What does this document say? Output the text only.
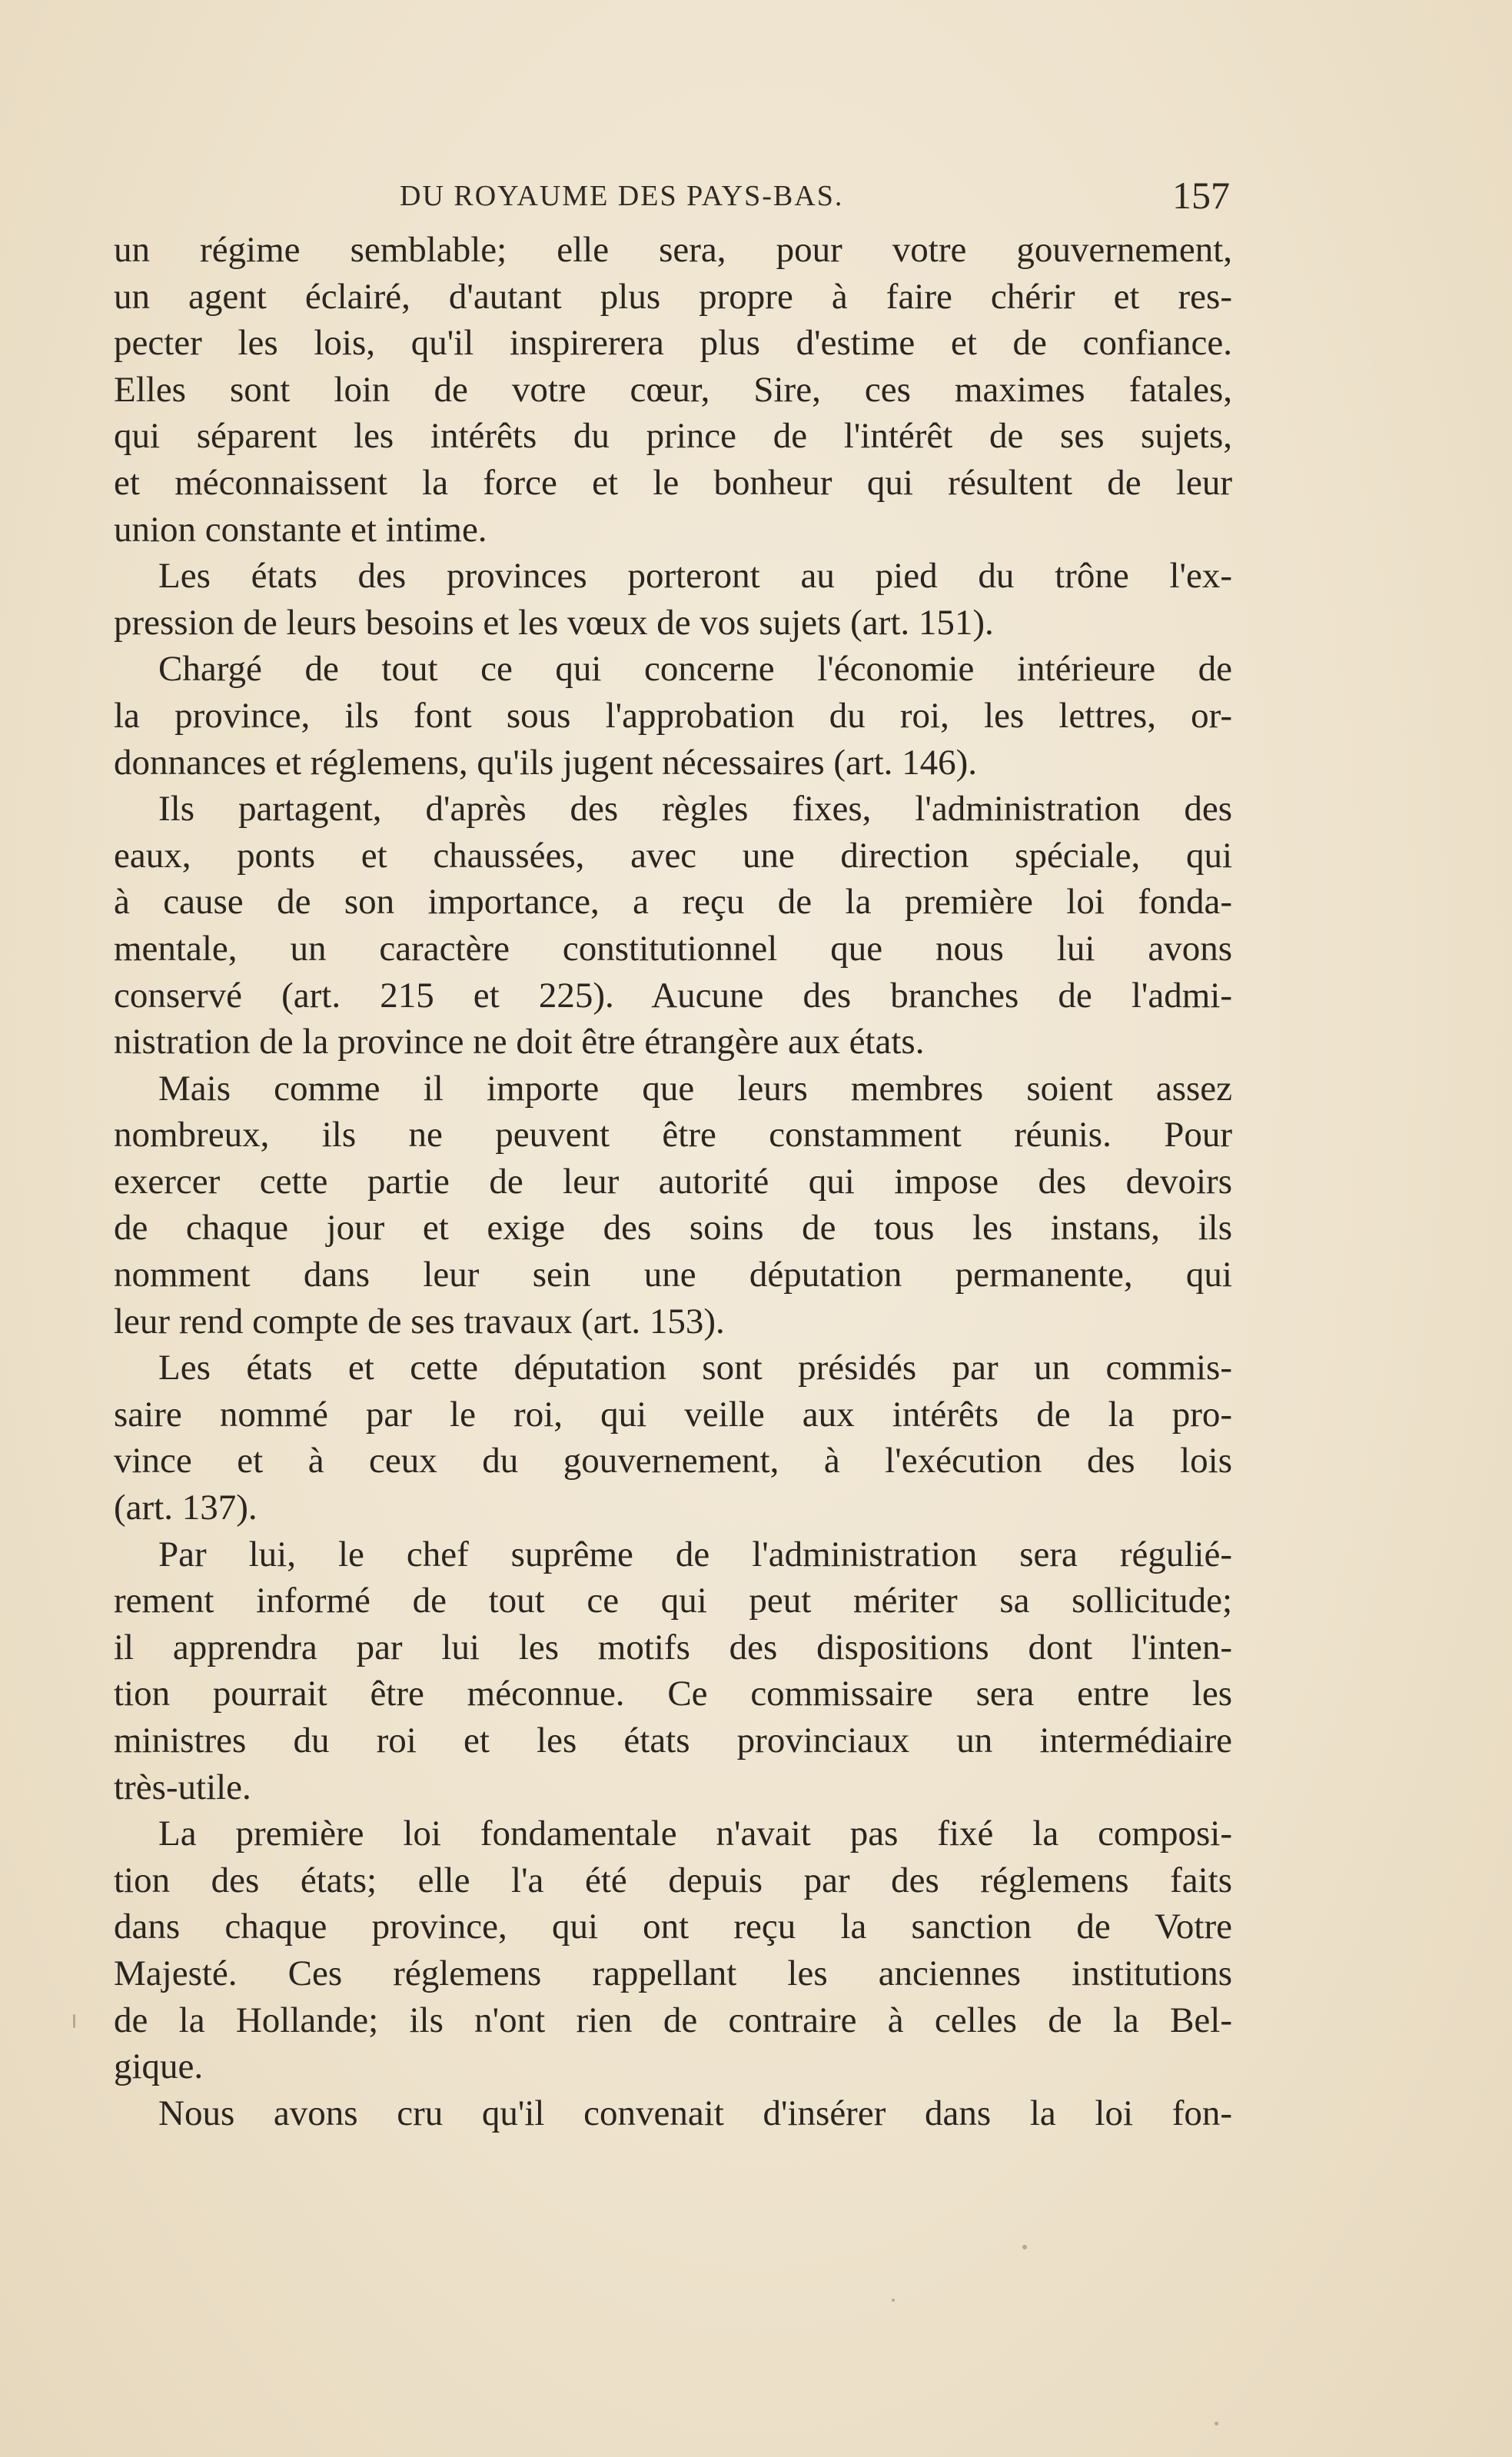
DU ROYAUME DES PAYS-BAS.	157
un régime semblable; elle sera, pour votre gouvernement,
un agent éclairé, d'autant plus propre à faire chérir et res-
pecter les lois, qu'il inspirerera plus d'estime et de confiance.
Elles sont loin de votre cœur, Sire, ces maximes fatales,
qui séparent les intérêts du prince de l'intérêt de ses sujets,
et méconnaissent la force et le bonheur qui résultent de leur
union constante et intime.
Les états des provinces porteront au pied du trône l'ex-
pression de leurs besoins et les vœux de vos sujets (art. 151).
Chargé de tout ce qui concerne l'économie intérieure de
la province, ils font sous l'approbation du roi, les lettres, or-
donnances et réglemens, qu'ils jugent nécessaires (art. 146).
Ils partagent, d'après des règles fixes, l'administration des
eaux, ponts et chaussées, avec une direction spéciale, qui
à cause de son importance, a reçu de la première loi fonda-
mentale, un caractère constitutionnel que nous lui avons
conservé (art. 215 et 225). Aucune des branches de l'admi-
nistration de la province ne doit être étrangère aux états.
Mais comme il importe que leurs membres soient assez
nombreux, ils ne peuvent être constamment réunis. Pour
exercer cette partie de leur autorité qui impose des devoirs
de chaque jour et exige des soins de tous les instans, ils
nomment dans leur sein une députation permanente, qui
leur rend compte de ses travaux (art. 153).
Les états et cette députation sont présidés par un commis-
saire nommé par le roi, qui veille aux intérêts de la pro-
vince et à ceux du gouvernement, à l'exécution des lois
(art. 137).
Par lui, le chef suprême de l'administration sera régulié-
rement informé de tout ce qui peut mériter sa sollicitude;
il apprendra par lui les motifs des dispositions dont l'inten-
tion pourrait être méconnue. Ce commissaire sera entre les
ministres du roi et les états provinciaux un intermédiaire
très-utile.
La première loi fondamentale n'avait pas fixé la composi-
tion des états; elle l'a été depuis par des réglemens faits
dans chaque province, qui ont reçu la sanction de Votre
Majesté. Ces réglemens rappellant les anciennes institutions
de la Hollande; ils n'ont rien de contraire à celles de la Bel-
gique.
Nous avons cru qu'il convenait d'insérer dans la loi fon-
